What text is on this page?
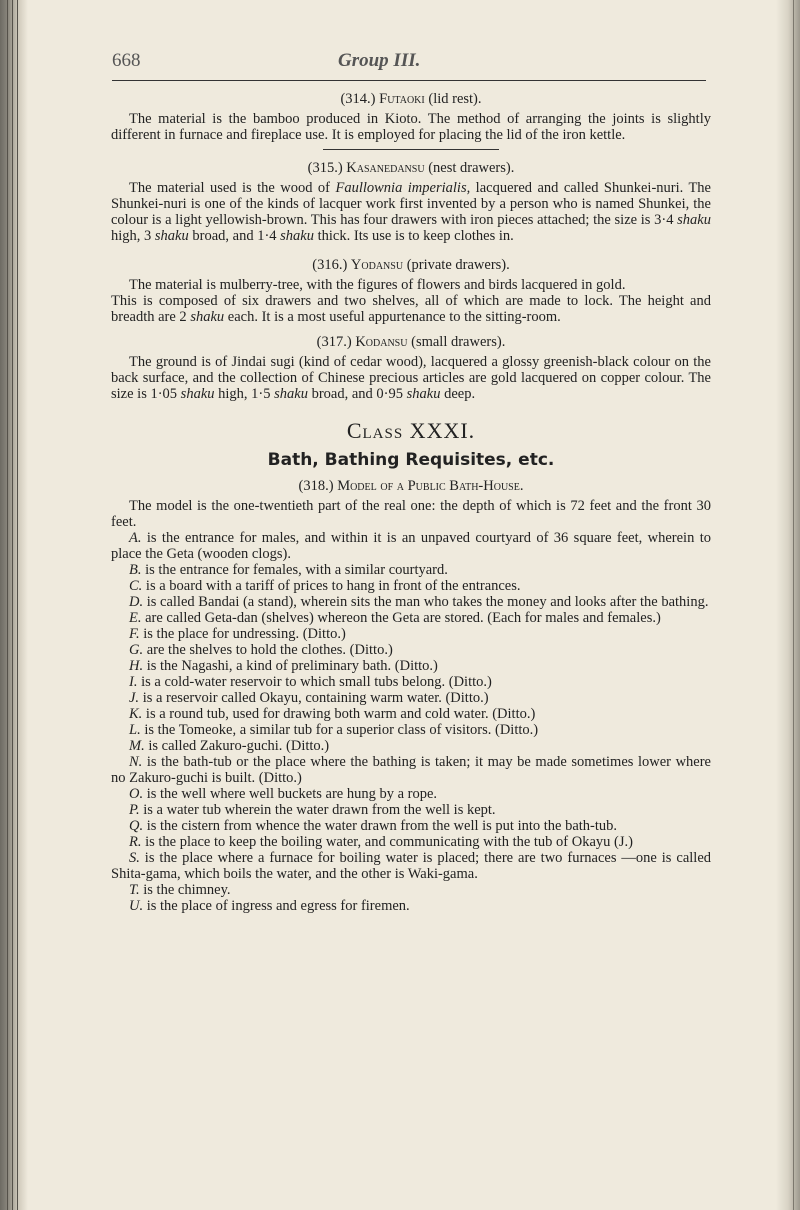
668	Group III.
(314.) Futaoki (lid rest).

The material is the bamboo produced in Kioto. The method of arranging the joints is slightly different in furnace and fireplace use. It is employed for placing the lid of the iron kettle.

(315.) Kasanedansu (nest drawers).

The material used is the wood of Faullownia imperialis, lacquered and called Shunkei-nuri. The Shunkei-nuri is one of the kinds of lacquer work first invented by a person who is named Shunkei, the colour is a light yellowish-brown. This has four drawers with iron pieces attached; the size is 3·4 shaku high, 3 shaku broad, and 1·4 shaku thick. Its use is to keep clothes in.

(316.) Yodansu (private drawers).

The material is mulberry-tree, with the figures of flowers and birds lacquered in gold.

This is composed of six drawers and two shelves, all of which are made to lock. The height and breadth are 2 shaku each. It is a most useful appurtenance to the sitting-room.

(317.) Kodansu (small drawers).

The ground is of Jindai sugi (kind of cedar wood), lacquered a glossy greenish-black colour on the back surface, and the collection of Chinese precious articles are gold lacquered on copper colour. The size is 1·05 shaku high, 1·5 shaku broad, and 0·95 shaku deep.

Class XXXI.
Bath, Bathing Requisites, etc.
(318.) Model of a Public Bath-House.

The model is the one-twentieth part of the real one: the depth of which is 72 feet and the front 30 feet.

A. is the entrance for males, and within it is an unpaved courtyard of 36 square feet, wherein to place the Geta (wooden clogs).

B. is the entrance for females, with a similar courtyard.

C. is a board with a tariff of prices to hang in front of the entrances.

D. is called Bandai (a stand), wherein sits the man who takes the money and looks after the bathing.

E. are called Geta-dan (shelves) whereon the Geta are stored. (Each for males and females.)

F. is the place for undressing. (Ditto.)

G. are the shelves to hold the clothes. (Ditto.)

H. is the Nagashi, a kind of preliminary bath. (Ditto.)

I. is a cold-water reservoir to which small tubs belong. (Ditto.)

J. is a reservoir called Okayu, containing warm water. (Ditto.)

K. is a round tub, used for drawing both warm and cold water. (Ditto.)

L. is the Tomeoke, a similar tub for a superior class of visitors. (Ditto.)

M. is called Zakuro-guchi. (Ditto.)

N. is the bath-tub or the place where the bathing is taken; it may be made sometimes lower where no Zakuro-guchi is built. (Ditto.)

O. is the well where well buckets are hung by a rope.

P. is a water tub wherein the water drawn from the well is kept.

Q. is the cistern from whence the water drawn from the well is put into the bath-tub.

R. is the place to keep the boiling water, and communicating with the tub of Okayu (J.)

S. is the place where a furnace for boiling water is placed; there are two furnaces —one is called Shita-gama, which boils the water, and the other is Waki-gama.

T. is the chimney.

U. is the place of ingress and egress for firemen.
